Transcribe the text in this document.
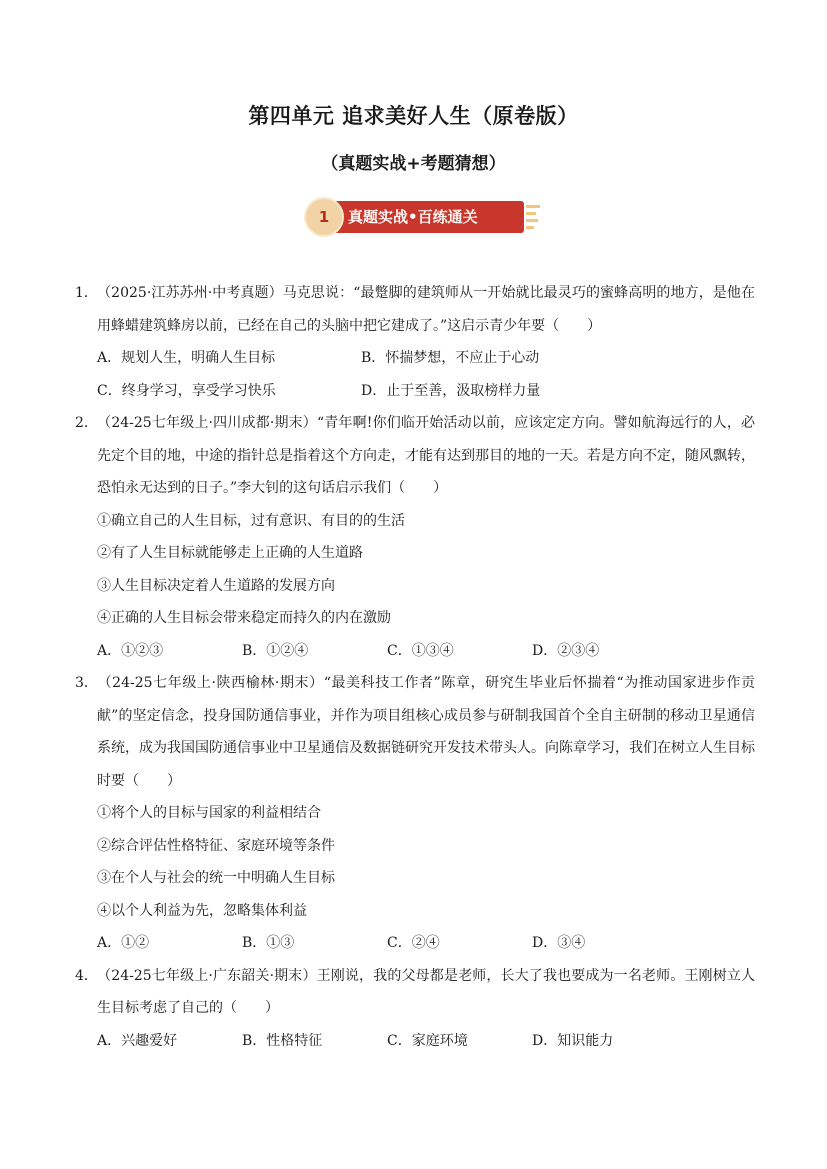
第四单元 追求美好人生（原卷版）
（真题实战+考题猜想）
1	真题实战•百练通关

1．（2025·江苏苏州·中考真题）马克思说：“最蹩脚的建筑师从一开始就比最灵巧的蜜蜂高明的地方，是他在用蜂蜡建筑蜂房以前，已经在自己的头脑中把它建成了。”这启示青少年要（　　）

A．规划人生，明确人生目标	B．怀揣梦想，不应止于心动
C．终身学习，享受学习快乐	D．止于至善，汲取榜样力量

2．（24-25七年级上·四川成都·期末）“青年啊!你们临开始活动以前，应该定定方向。譬如航海远行的人，必先定个目的地，中途的指针总是指着这个方向走，才能有达到那目的地的一天。若是方向不定，随风飘转，恐怕永无达到的日子。”李大钊的这句话启示我们（　　）

①确立自己的人生目标，过有意识、有目的的生活

②有了人生目标就能够走上正确的人生道路

③人生目标决定着人生道路的发展方向

④正确的人生目标会带来稳定而持久的内在激励

A．①②③	B．①②④	C．①③④	D．②③④

3．（24-25七年级上·陕西榆林·期末）“最美科技工作者”陈章，研究生毕业后怀揣着“为推动国家进步作贡献”的坚定信念，投身国防通信事业，并作为项目组核心成员参与研制我国首个全自主研制的移动卫星通信系统，成为我国国防通信事业中卫星通信及数据链研究开发技术带头人。向陈章学习，我们在树立人生目标时要（　　）

①将个人的目标与国家的利益相结合

②综合评估性格特征、家庭环境等条件

③在个人与社会的统一中明确人生目标

④以个人利益为先，忽略集体利益

A．①②	B．①③	C．②④	D．③④

4．（24-25七年级上·广东韶关·期末）王刚说，我的父母都是老师，长大了我也要成为一名老师。王刚树立人生目标考虑了自己的（　　）

A．兴趣爱好	B．性格特征	C．家庭环境	D．知识能力
